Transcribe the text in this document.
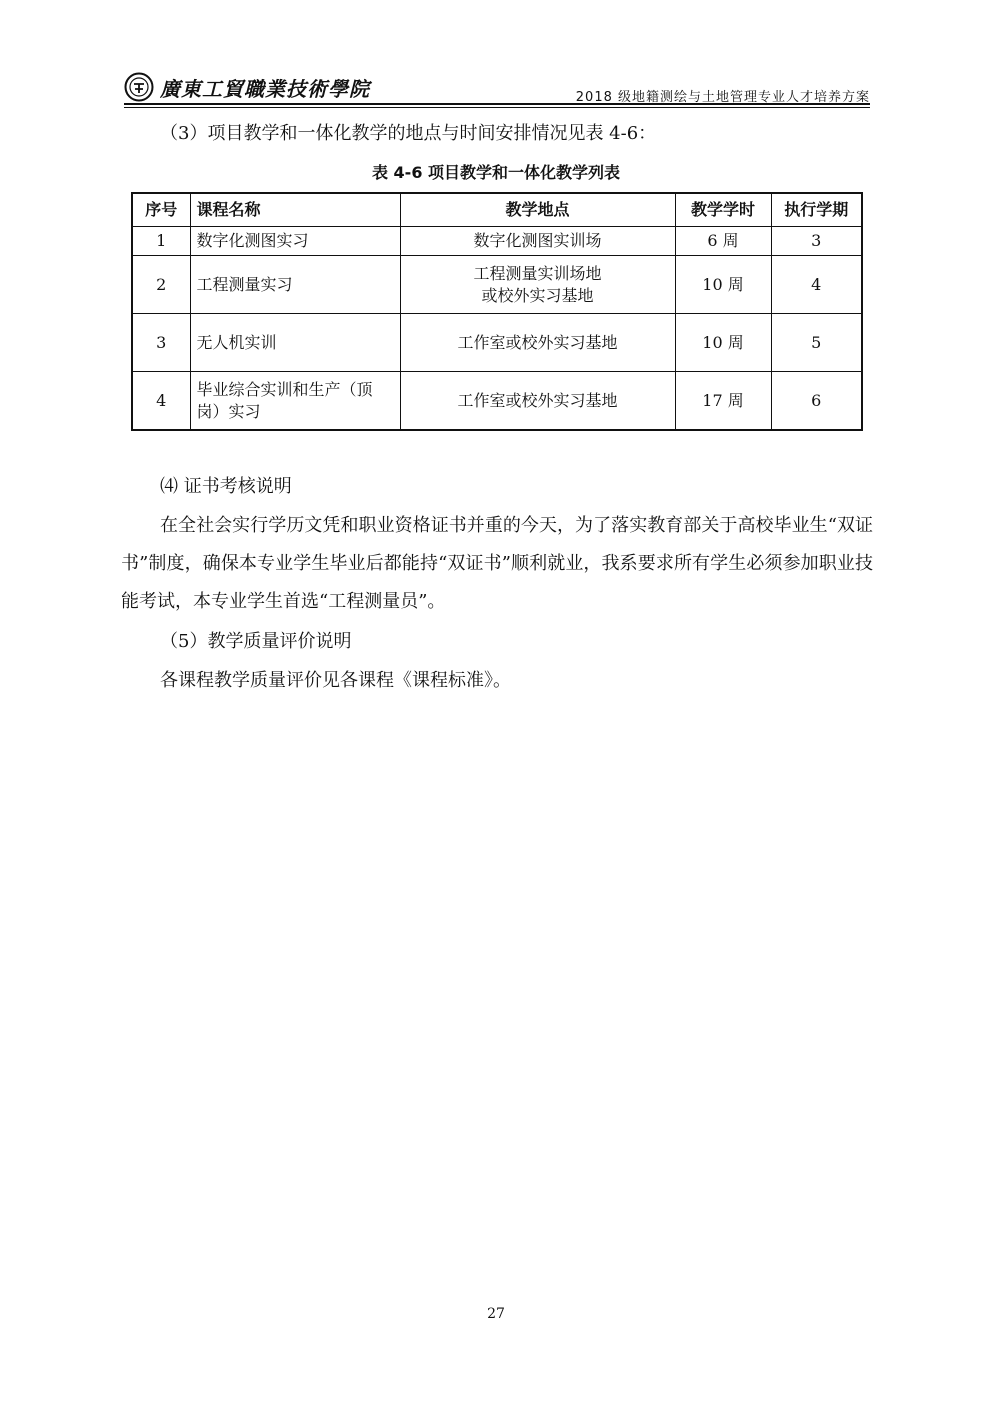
廣東工貿職業技術學院	2018 级地籍测绘与土地管理专业人才培养方案
（3）项目教学和一体化教学的地点与时间安排情况见表 4-6：
表 4-6 项目教学和一体化教学列表
序号	课程名称	教学地点	教学学时	执行学期
1	数字化测图实习	数字化测图实训场	6 周	3
2	工程测量实习	工程测量实训场地
或校外实习基地	10 周	4
3	无人机实训	工作室或校外实习基地	10 周	5
4	毕业综合实训和生产（顶岗）实习	工作室或校外实习基地	17 周	6
⑷ 证书考核说明
在全社会实行学历文凭和职业资格证书并重的今天，为了落实教育部关于高校毕业生“双证书”制度，确保本专业学生毕业后都能持“双证书”顺利就业，我系要求所有学生必须参加职业技能考试，本专业学生首选“工程测量员”。
（5）教学质量评价说明
各课程教学质量评价见各课程《课程标准》。
27
